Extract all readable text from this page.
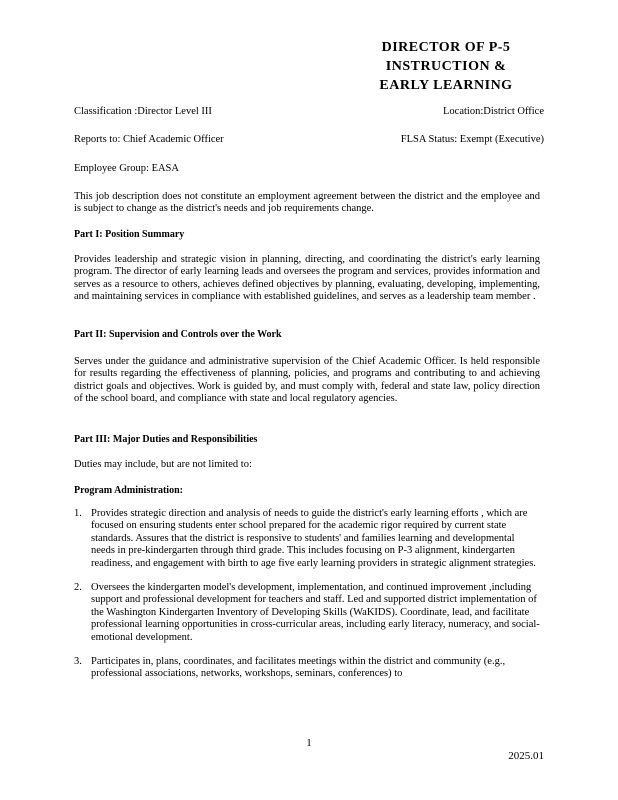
DIRECTOR OF P-5
INSTRUCTION &
EARLY LEARNING
Classification :Director Level III	Location:District Office
Reports to: Chief Academic Officer	FLSA Status: Exempt (Executive)
Employee Group: EASA
This job description does not constitute an employment agreement between the district and the employee and is subject to change as the district's needs and job requirements change.
Part I: Position Summary
Provides leadership and strategic vision in planning, directing, and coordinating the district's early learning program. The director of early learning leads and oversees the program and services, provides information and serves as a resource to others, achieves defined objectives by planning, evaluating, developing, implementing, and maintaining services in compliance with established guidelines, and serves as a leadership team member .
Part II: Supervision and Controls over the Work
Serves under the guidance and administrative supervision of the Chief Academic Officer. Is held responsible for results regarding the effectiveness of planning, policies, and programs and contributing to and achieving district goals and objectives. Work is guided by, and must comply with, federal and state law, policy direction of the school board, and compliance with state and local regulatory agencies.
Part III: Major Duties and Responsibilities
Duties may include, but are not limited to:
Program Administration:
1. Provides strategic direction and analysis of needs to guide the district's early learning efforts , which are focused on ensuring students enter school prepared for the academic rigor required by current state standards. Assures that the district is responsive to students' and families learning and developmental needs in pre-kindergarten through third grade. This includes focusing on P-3 alignment, kindergarten readiness, and engagement with birth to age five early learning providers in strategic alignment strategies.
2. Oversees the kindergarten model's development, implementation, and continued improvement ,including support and professional development for teachers and staff. Led and supported district implementation of the Washington Kindergarten Inventory of Developing Skills (WaKIDS). Coordinate, lead, and facilitate professional learning opportunities in cross-curricular areas, including early literacy, numeracy, and social-emotional development.
3. Participates in, plans, coordinates, and facilitates meetings within the district and community (e.g., professional associations, networks, workshops, seminars, conferences) to
1
2025.01
